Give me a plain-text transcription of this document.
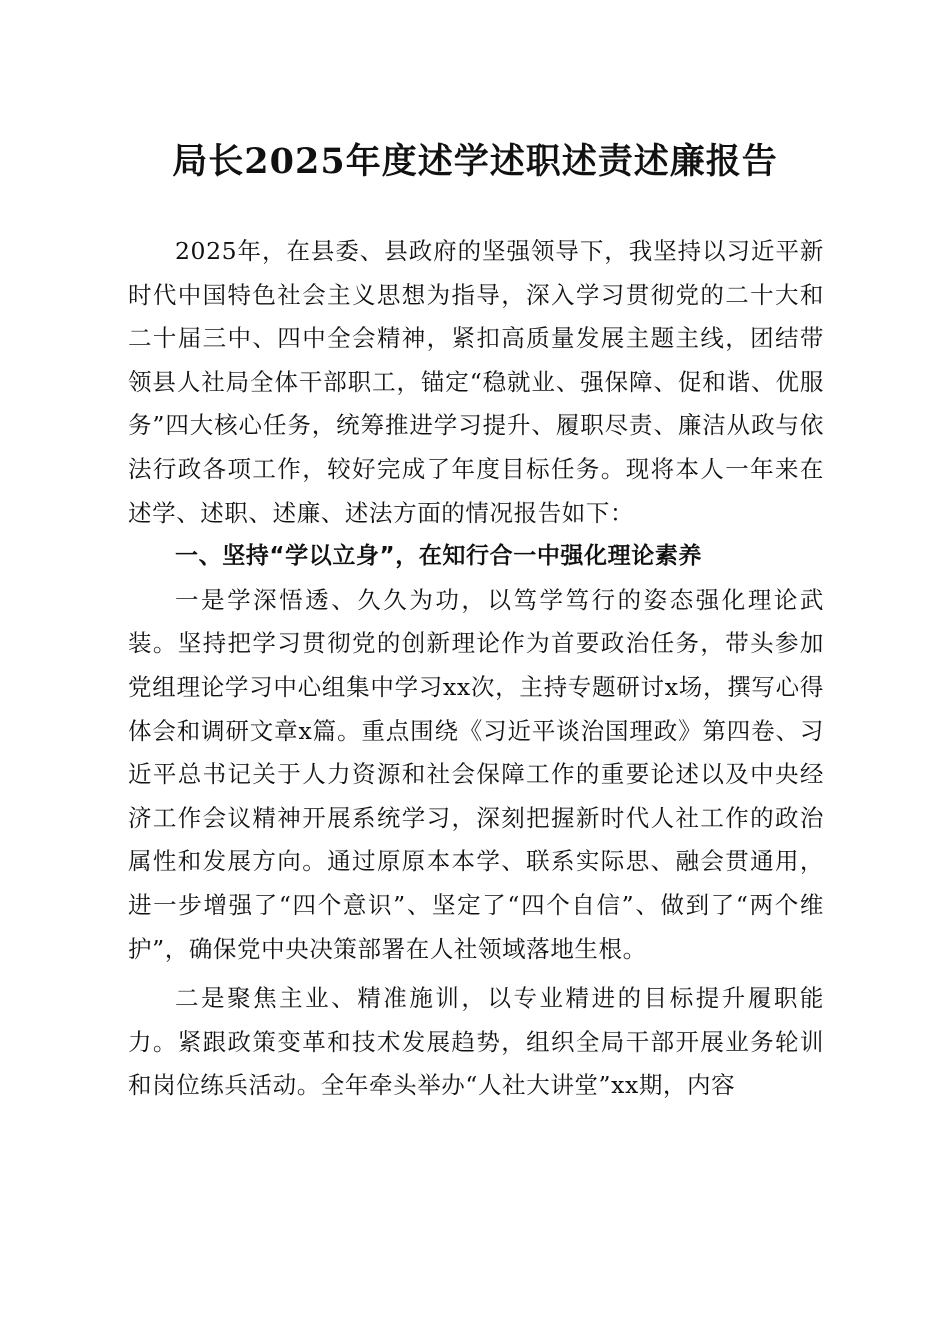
局长2025年度述学述职述责述廉报告

2025年，在县委、县政府的坚强领导下，我坚持以习近平新时代中国特色社会主义思想为指导，深入学习贯彻党的二十大和二十届三中、四中全会精神，紧扣高质量发展主题主线，团结带领县人社局全体干部职工，锚定“稳就业、强保障、促和谐、优服务”四大核心任务，统筹推进学习提升、履职尽责、廉洁从政与依法行政各项工作，较好完成了年度目标任务。现将本人一年来在述学、述职、述廉、述法方面的情况报告如下：

一、坚持“学以立身”，在知行合一中强化理论素养

一是学深悟透、久久为功，以笃学笃行的姿态强化理论武装。坚持把学习贯彻党的创新理论作为首要政治任务，带头参加党组理论学习中心组集中学习xx次，主持专题研讨x场，撰写心得体会和调研文章x篇。重点围绕《习近平谈治国理政》第四卷、习近平总书记关于人力资源和社会保障工作的重要论述以及中央经济工作会议精神开展系统学习，深刻把握新时代人社工作的政治属性和发展方向。通过原原本本学、联系实际思、融会贯通用，进一步增强了“四个意识”、坚定了“四个自信”、做到了“两个维护”，确保党中央决策部署在人社领域落地生根。

二是聚焦主业、精准施训，以专业精进的目标提升履职能力。紧跟政策变革和技术发展趋势，组织全局干部开展业务轮训和岗位练兵活动。全年牵头举办“人社大讲堂”xx期，内容
